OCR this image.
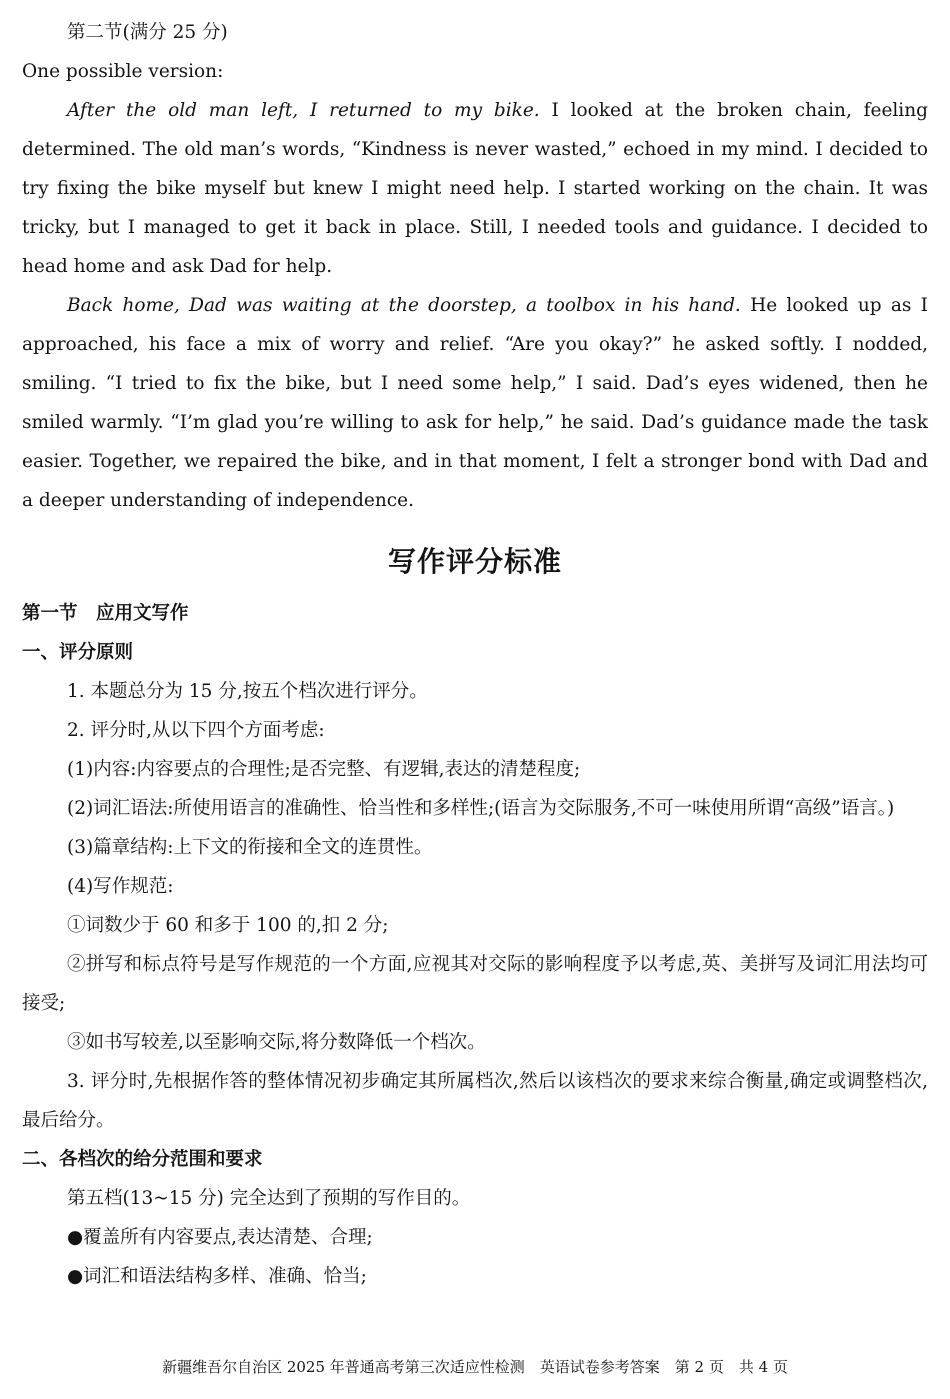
第二节(满分 25 分)

One possible version:

After the old man left, I returned to my bike. I looked at the broken chain, feeling determined. The old man’s words, “Kindness is never wasted,” echoed in my mind. I decided to try fixing the bike myself but knew I might need help. I started working on the chain. It was tricky, but I managed to get it back in place. Still, I needed tools and guidance. I decided to head home and ask Dad for help.

Back home, Dad was waiting at the doorstep, a toolbox in his hand. He looked up as I approached, his face a mix of worry and relief. “Are you okay?” he asked softly. I nodded, smiling. “I tried to fix the bike, but I need some help,” I said. Dad’s eyes widened, then he smiled warmly. “I’m glad you’re willing to ask for help,” he said. Dad’s guidance made the task easier. Together, we repaired the bike, and in that moment, I felt a stronger bond with Dad and a deeper understanding of independence.

写作评分标准

第一节　应用文写作

一、评分原则

1. 本题总分为 15 分,按五个档次进行评分。

2. 评分时,从以下四个方面考虑:

(1)内容:内容要点的合理性;是否完整、有逻辑,表达的清楚程度;

(2)词汇语法:所使用语言的准确性、恰当性和多样性;(语言为交际服务,不可一味使用所谓“高级”语言。)

(3)篇章结构:上下文的衔接和全文的连贯性。

(4)写作规范:

①词数少于 60 和多于 100 的,扣 2 分;

②拼写和标点符号是写作规范的一个方面,应视其对交际的影响程度予以考虑,英、美拼写及词汇用法均可接受;

③如书写较差,以至影响交际,将分数降低一个档次。

3. 评分时,先根据作答的整体情况初步确定其所属档次,然后以该档次的要求来综合衡量,确定或调整档次,最后给分。

二、各档次的给分范围和要求

第五档(13~15 分) 完全达到了预期的写作目的。

●覆盖所有内容要点,表达清楚、合理;

●词汇和语法结构多样、准确、恰当;

新疆维吾尔自治区 2025 年普通高考第三次适应性检测　英语试卷参考答案　第 2 页　共 4 页
